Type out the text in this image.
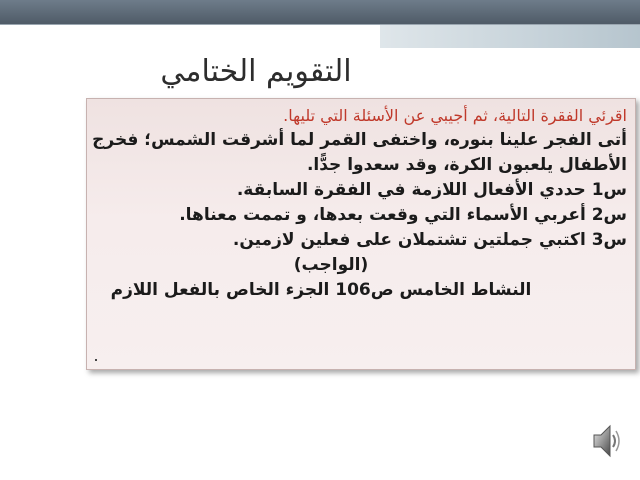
التقويم الختامي
اقرئي الفقرة التالية، ثم أجيبي عن الأسئلة التي تليها.
أتى الفجر علينا بنوره، واختفى القمر لما أشرقت الشمس؛ فخرج
الأطفال يلعبون الكرة، وقد سعدوا جدًّا.
س1 حددي الأفعال اللازمة في الفقرة السابقة.
س2 أعربي الأسماء التي وقعت بعدها، و تممت معناها.
س3 اكتبي جملتين تشتملان على فعلين لازمين.
(الواجب)
النشاط الخامس ص106 الجزء الخاص بالفعل اللازم
